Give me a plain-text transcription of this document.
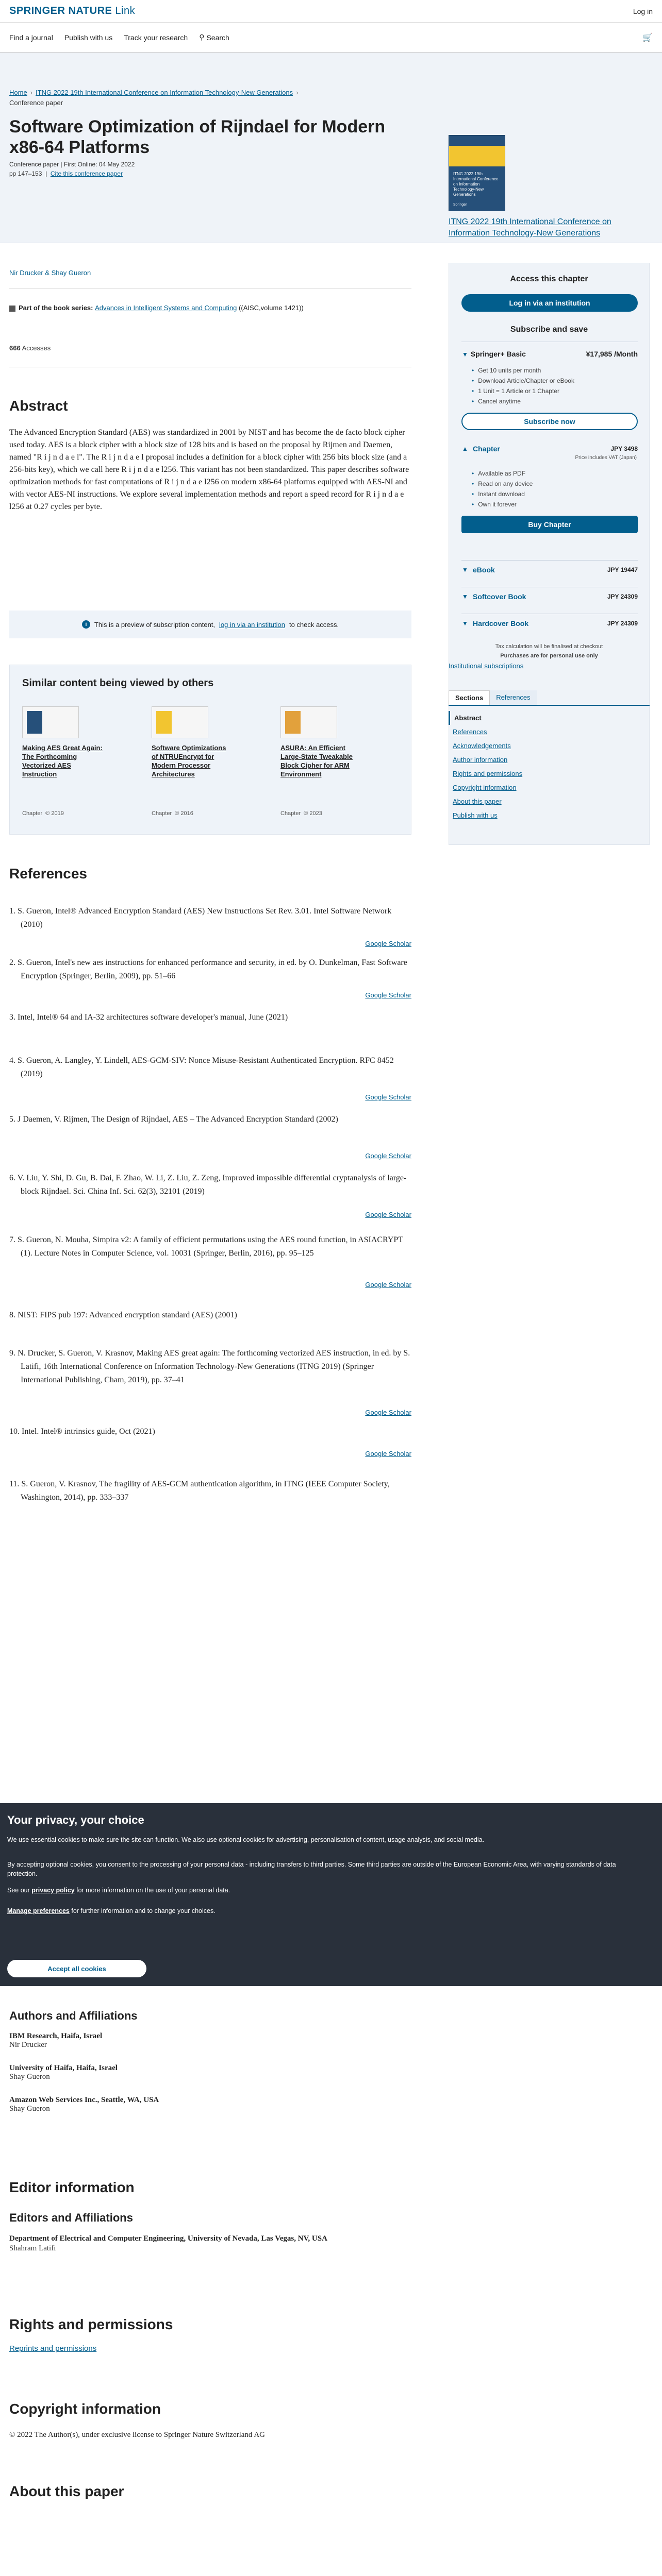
SPRINGER NATURE Link	Log in
Find a journal Publish with us Track your research ⚲ Search	🛒
Home › ITNG 2022 19th International Conference on Information Technology-New Generations ›
Conference paper
Software Optimization of Rijndael for Modern x86-64 Platforms
Conference paper | First Online: 04 May 2022
pp 147–153  |  Cite this conference paper	ITNG 2022 19th International Conference on Information Technology-New Generations
Springer
ITNG 2022 19th International Conference on Information Technology-New Generations
Nir Drucker & Shay Gueron
Part of the book series: Advances in Intelligent Systems and Computing ((AISC,volume 1421))
666 Accesses
Abstract
The Advanced Encryption Standard (AES) was standardized in 2001 by NIST and has become the de facto block cipher used today. AES is a block cipher with a block size of 128 bits and is based on the proposal by Rijmen and Daemen, named "R i j n d a e l". The R i j n d a e l proposal includes a definition for a block cipher with 256 bits block size (and a 256-bits key), which we call here R i j n d a e l256. This variant has not been standardized. This paper describes software optimization methods for fast computations of R i j n d a e l256 on modern x86-64 platforms equipped with AES-NI and with vector AES-NI instructions. We explore several implementation methods and report a speed record for R i j n d a e l256 at 0.27 cycles per byte.
i	This is a preview of subscription content, log in via an institution to check access.
Similar content being viewed by others
Making AES Great Again: The Forthcoming Vectorized AES Instruction
Chapter  © 2019
Software Optimizations of NTRUEncrypt for Modern Processor Architectures
Chapter  © 2016
ASURA: An Efficient Large-State Tweakable Block Cipher for ARM Environment
Chapter  © 2023
References
1. S. Gueron, Intel® Advanced Encryption Standard (AES) New Instructions Set Rev. 3.01. Intel Software Network (2010)
Google Scholar
2. S. Gueron, Intel's new aes instructions for enhanced performance and security, in ed. by O. Dunkelman, Fast Software Encryption (Springer, Berlin, 2009), pp. 51–66
Google Scholar
3. Intel, Intel® 64 and IA-32 architectures software developer's manual, June (2021)
4. S. Gueron, A. Langley, Y. Lindell, AES-GCM-SIV: Nonce Misuse-Resistant Authenticated Encryption. RFC 8452 (2019)
Google Scholar
5. J Daemen, V. Rijmen, The Design of Rijndael, AES – The Advanced Encryption Standard (2002)
Google Scholar
6. V. Liu, Y. Shi, D. Gu, B. Dai, F. Zhao, W. Li, Z. Liu, Z. Zeng, Improved impossible differential cryptanalysis of large-block Rijndael. Sci. China Inf. Sci. 62(3), 32101 (2019)
Google Scholar
7. S. Gueron, N. Mouha, Simpira v2: A family of efficient permutations using the AES round function, in ASIACRYPT (1). Lecture Notes in Computer Science, vol. 10031 (Springer, Berlin, 2016), pp. 95–125
Google Scholar
8. NIST: FIPS pub 197: Advanced encryption standard (AES) (2001)
9. N. Drucker, S. Gueron, V. Krasnov, Making AES great again: The forthcoming vectorized AES instruction, in ed. by S. Latifi, 16th International Conference on Information Technology-New Generations (ITNG 2019) (Springer International Publishing, Cham, 2019), pp. 37–41
Google Scholar
10. Intel. Intel® intrinsics guide, Oct (2021)
Google Scholar
11. S. Gueron, V. Krasnov, The fragility of AES-GCM authentication algorithm, in ITNG (IEEE Computer Society, Washington, 2014), pp. 333–337
Access this chapter
Log in via an institution
Subscribe and save
▼ Springer+ Basic	¥17,985 /Month
• Get 10 units per month
• Download Article/Chapter or eBook
• 1 Unit = 1 Article or 1 Chapter
• Cancel anytime
Subscribe now
▲ Chapter	JPY 3498
Price includes VAT (Japan)
• Available as PDF
• Read on any device
• Instant download
• Own it forever
Buy Chapter
▼ eBook	JPY 19447
▼ Softcover Book	JPY 24309
▼ Hardcover Book	JPY 24309
Tax calculation will be finalised at checkout
Purchases are for personal use only
Institutional subscriptions
Sections	References
Abstract
References
Acknowledgements
Author information
Rights and permissions
Copyright information
About this paper
Publish with us
Your privacy, your choice

We use essential cookies to make sure the site can function. We also use optional cookies for advertising, personalisation of content, usage analysis, and social media.

By accepting optional cookies, you consent to the processing of your personal data - including transfers to third parties. Some third parties are outside of the European Economic Area, with varying standards of data protection.

See our privacy policy for more information on the use of your personal data.

Manage preferences for further information and to change your choices.

Accept all cookies
Authors and Affiliations
IBM Research, Haifa, Israel
Nir Drucker
University of Haifa, Haifa, Israel
Shay Gueron
Amazon Web Services Inc., Seattle, WA, USA
Shay Gueron
Editor information
Editors and Affiliations
Department of Electrical and Computer Engineering, University of Nevada, Las Vegas, NV, USA
Shahram Latifi
Rights and permissions
Reprints and permissions
Copyright information
© 2022 The Author(s), under exclusive license to Springer Nature Switzerland AG
About this paper
